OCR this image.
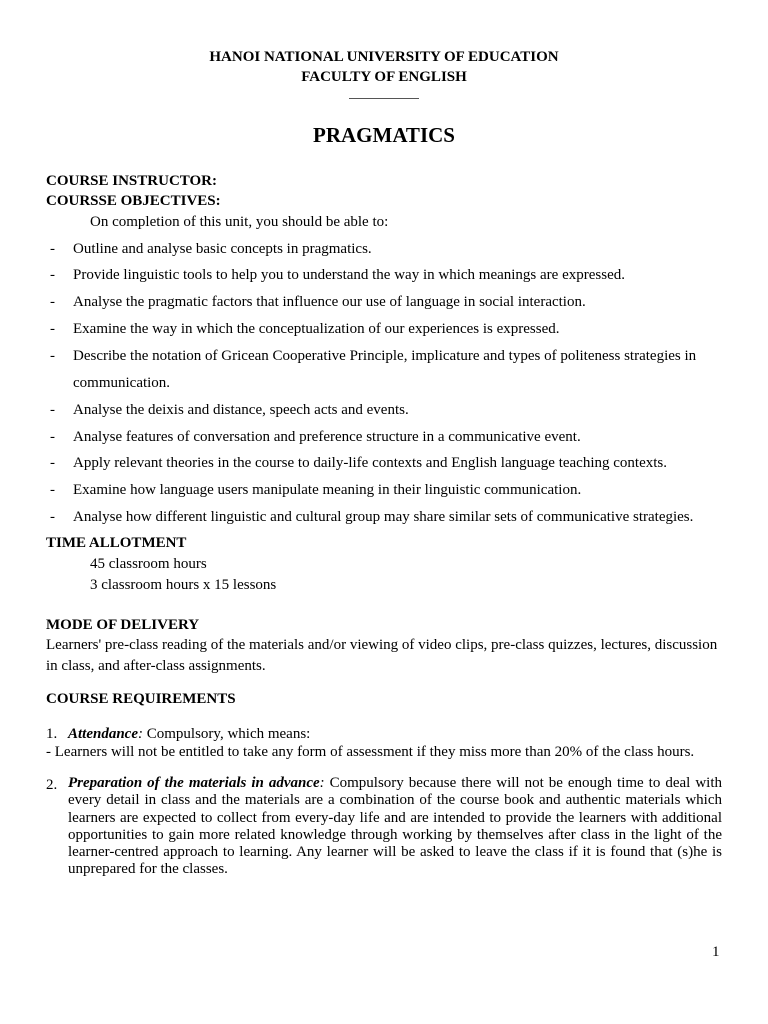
HANOI NATIONAL UNIVERSITY OF EDUCATION
FACULTY OF ENGLISH
PRAGMATICS
COURSE INSTRUCTOR:
COURSSE OBJECTIVES:
On completion of this unit, you should be able to:
- Outline and analyse basic concepts in pragmatics.
- Provide linguistic tools to help you to understand the way in which meanings are expressed.
- Analyse the pragmatic factors that influence our use of language in social interaction.
- Examine the way in which the conceptualization of our experiences is expressed.
- Describe the notation of Gricean Cooperative Principle, implicature and types of politeness strategies in
communication.
- Analyse the deixis and distance, speech acts and events.
- Analyse features of conversation and preference structure in a communicative event.
- Apply relevant theories in the course to daily-life contexts and English language teaching contexts.
- Examine how language users manipulate meaning in their linguistic communication.
- Analyse how different linguistic and cultural group may share similar sets of communicative strategies.
TIME ALLOTMENT
45 classroom hours
3 classroom hours x 15 lessons
MODE OF DELIVERY
Learners' pre-class reading of the materials and/or viewing of video clips, pre-class quizzes, lectures, discussion in class, and after-class assignments.
COURSE REQUIREMENTS
1. Attendance: Compulsory, which means:
- Learners will not be entitled to take any form of assessment if they miss more than 20% of the class hours.
2. Preparation of the materials in advance: Compulsory because there will not be enough time to deal with every detail in class and the materials are a combination of the course book and authentic materials which learners are expected to collect from every-day life and are intended to provide the learners with additional opportunities to gain more related knowledge through working by themselves after class in the light of the learner-centred approach to learning. Any learner will be asked to leave the class if it is found that (s)he is unprepared for the classes.
1
